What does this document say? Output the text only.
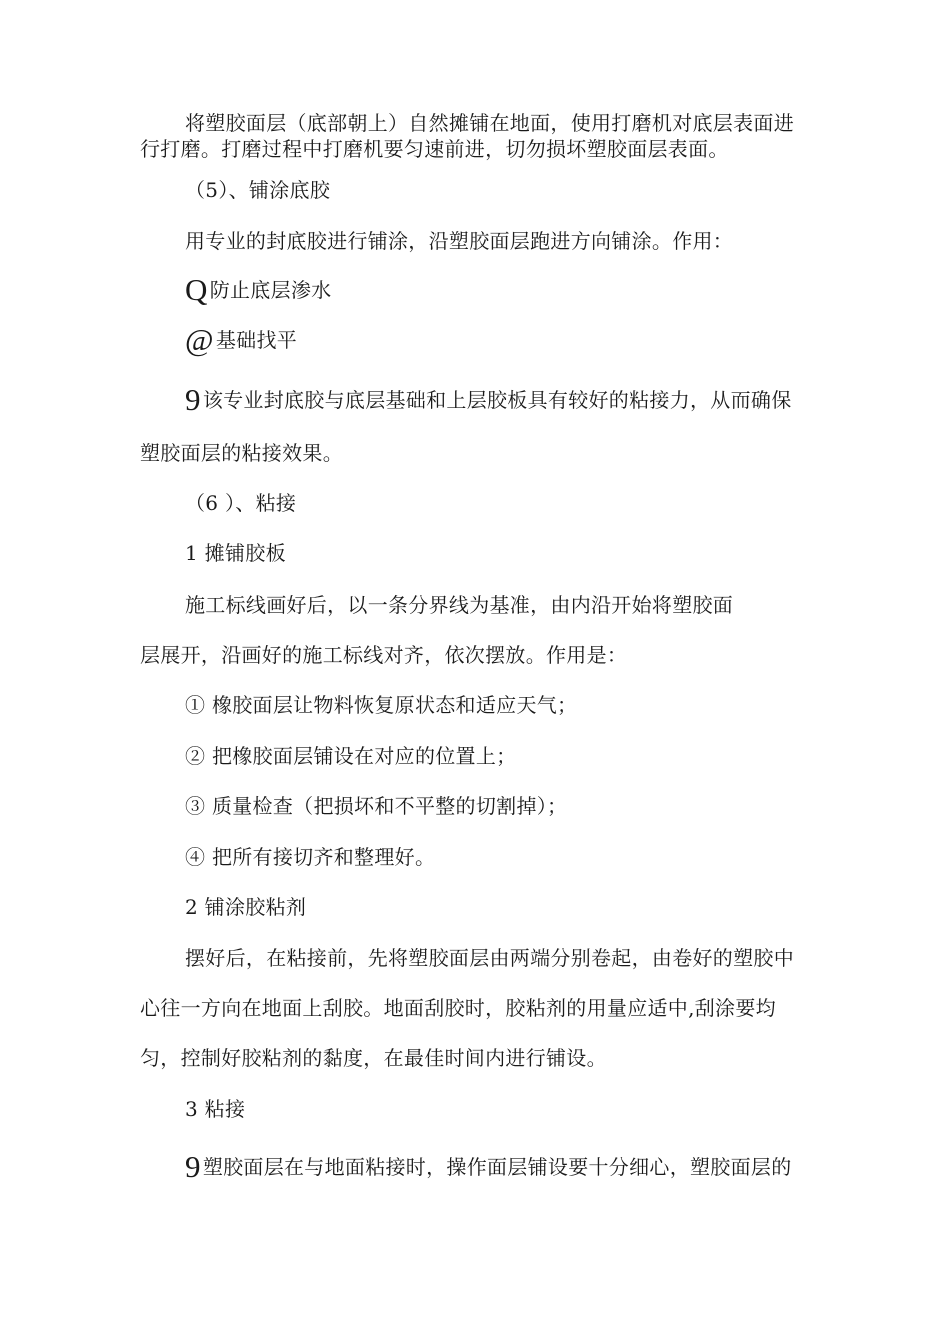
将塑胶面层（底部朝上）自然摊铺在地面，使用打磨机对底层表面进
行打磨。打磨过程中打磨机要匀速前进，切勿损坏塑胶面层表面。
（5）、铺涂底胶
用专业的封底胶进行铺涂，沿塑胶面层跑进方向铺涂。作用：
Q防止底层渗水
@ 基础找平
9 该专业封底胶与底层基础和上层胶板具有较好的粘接力，从而确保
塑胶面层的粘接效果。
（6 ）、粘接
1 摊铺胶板
施工标线画好后，以一条分界线为基准，由内沿开始将塑胶面
层展开，沿画好的施工标线对齐，依次摆放。作用是：
① 橡胶面层让物料恢复原状态和适应天气；
② 把橡胶面层铺设在对应的位置上；
③ 质量检查（把损坏和不平整的切割掉）；
④ 把所有接切齐和整理好。
2 铺涂胶粘剂
摆好后，在粘接前，先将塑胶面层由两端分别卷起，由卷好的塑胶中
心往一方向在地面上刮胶。地面刮胶时，胶粘剂的用量应适中,刮涂要均
匀，控制好胶粘剂的黏度，在最佳时间内进行铺设。
3 粘接
9 塑胶面层在与地面粘接时，操作面层铺设要十分细心，塑胶面层的
